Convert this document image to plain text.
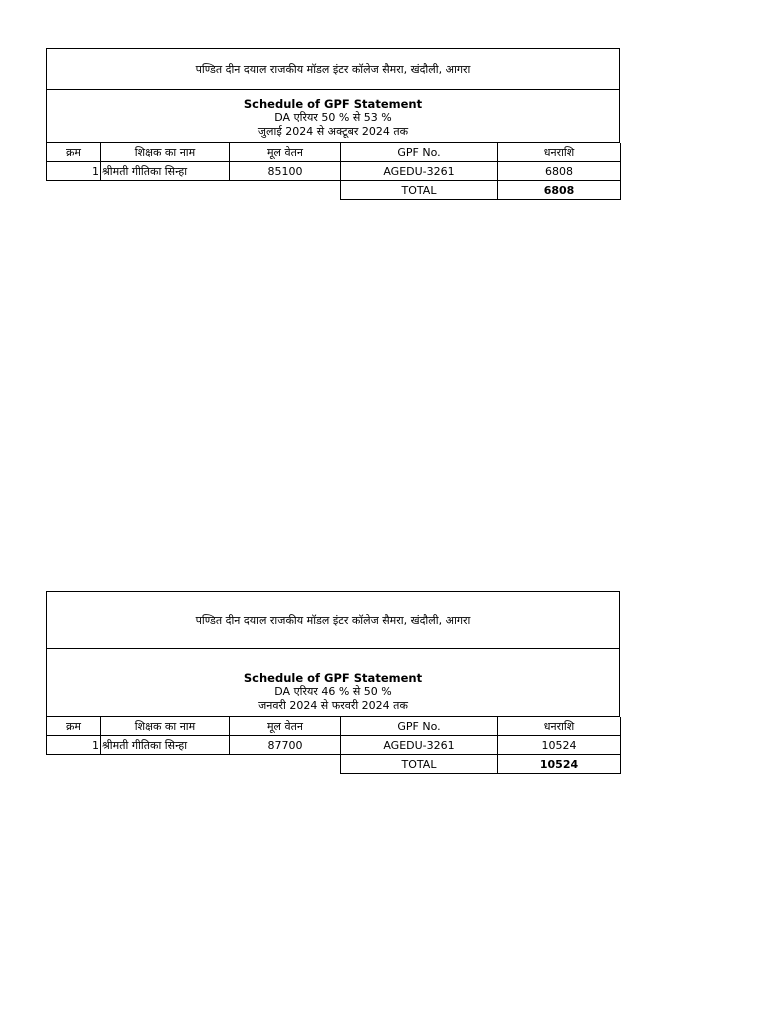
पण्डित दीन दयाल राजकीय मॉडल इंटर कॉलेज सैमरा, खंदौली, आगरा
Schedule of GPF Statement
DA एरियर 50 % से 53 %
जुलाई 2024 से अक्टूबर 2024 तक
क्रम	शिक्षक का नाम	मूल वेतन	GPF No.	धनराशि
1	श्रीमती गीतिका सिन्हा	85100	AGEDU-3261	6808
			TOTAL	6808
पण्डित दीन दयाल राजकीय मॉडल इंटर कॉलेज सैमरा, खंदौली, आगरा
Schedule of GPF Statement
DA एरियर 46 % से 50 %
जनवरी 2024 से फरवरी 2024 तक
क्रम	शिक्षक का नाम	मूल वेतन	GPF No.	धनराशि
1	श्रीमती गीतिका सिन्हा	87700	AGEDU-3261	10524
			TOTAL	10524
